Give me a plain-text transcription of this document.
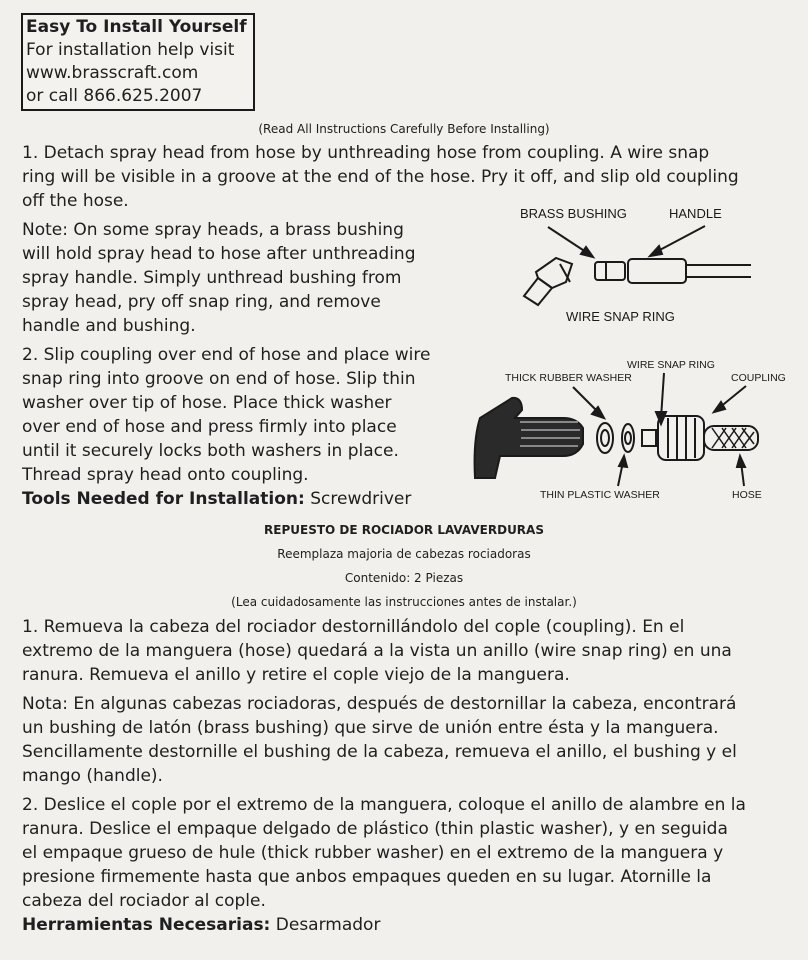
Easy To Install Yourself
For installation help visit
www.brasscraft.com
or call 866.625.2007

(Read All Instructions Carefully Before Installing)

1. Detach spray head from hose by unthreading hose from coupling. A wire snap

ring will be visible in a groove at the end of the hose. Pry it off, and slip old coupling

off the hose.

Note: On some spray heads, a brass bushing

will hold spray head to hose after unthreading

spray handle. Simply unthread bushing from

spray head, pry off snap ring, and remove

handle and bushing.

2. Slip coupling over end of hose and place wire

snap ring into groove on end of hose. Slip thin

washer over tip of hose. Place thick washer

over end of hose and press firmly into place

until it securely locks both washers in place.

Thread spray head onto coupling.

Tools Needed for Installation: Screwdriver

BRASS BUSHING	HANDLE
WIRE SNAP RING
THICK RUBBER WASHER
WIRE SNAP RING
COUPLING
THIN PLASTIC WASHER	HOSE

REPUESTO DE ROCIADOR LAVAVERDURAS

Reemplaza majoria de cabezas rociadoras

Contenido: 2 Piezas

(Lea cuidadosamente las instrucciones antes de instalar.)

1. Remueva la cabeza del rociador destornillándolo del cople (coupling). En el

extremo de la manguera (hose) quedará a la vista un anillo (wire snap ring) en una

ranura. Remueva el anillo y retire el cople viejo de la manguera.

Nota: En algunas cabezas rociadoras, después de destornillar la cabeza, encontrará

un bushing de latón (brass bushing) que sirve de unión entre ésta y la manguera.

Sencillamente destornille el bushing de la cabeza, remueva el anillo, el bushing y el

mango (handle).

2. Deslice el cople por el extremo de la manguera, coloque el anillo de alambre en la

ranura. Deslice el empaque delgado de plástico (thin plastic washer), y en seguida

el empaque grueso de hule (thick rubber washer) en el extremo de la manguera y

presione firmemente hasta que anbos empaques queden en su lugar. Atornille la

cabeza del rociador al cople.

Herramientas Necesarias: Desarmador
